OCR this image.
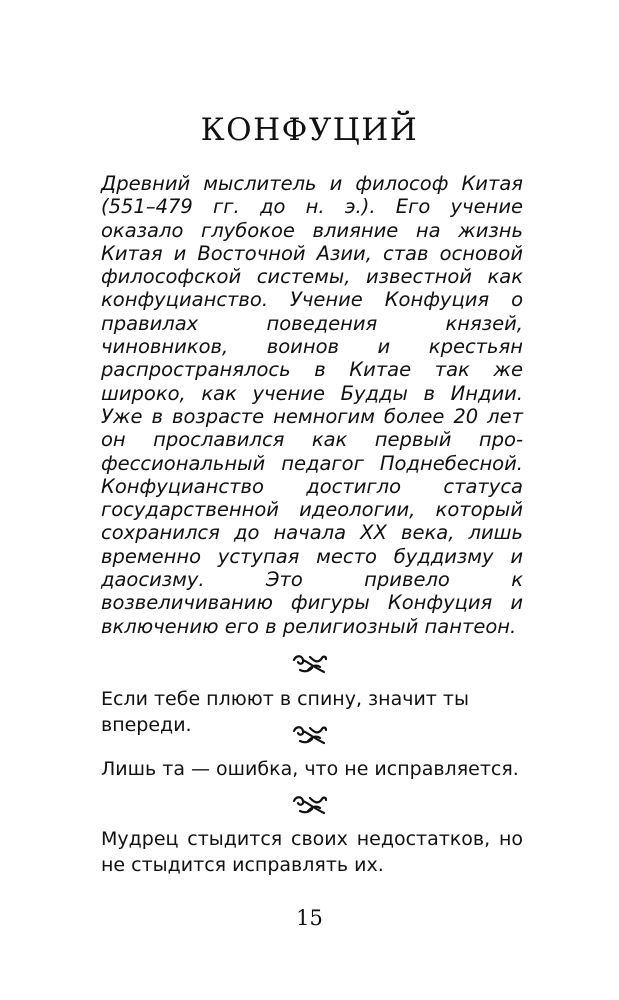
КОНФУЦИЙ

Древний мыслитель и философ Китая (551–479 гг. до н. э.). Его учение оказало глубокое влияние на жизнь Китая и Восточной Азии, став основой философской системы, известной как конфуцианство. Учение Конфуция о правилах поведения князей, чиновников, воинов и крестьян распространялось в Китае так же широко, как учение Будды в Индии. Уже в возрасте немногим более 20 лет он прославился как первый профессиональный педагог Поднебесной. Конфуцианство достигло статуса государственной идеологии, который сохранился до начала XX века, лишь временно уступая место буддизму и даосизму. Это привело к возвеличиванию фигуры Конфуция и включению его в религиозный пантеон.

Если тебе плюют в спину, значит ты впереди.

Лишь та — ошибка, что не исправляется.

Мудрец стыдится своих недостатков, но не стыдится исправлять их.

15
